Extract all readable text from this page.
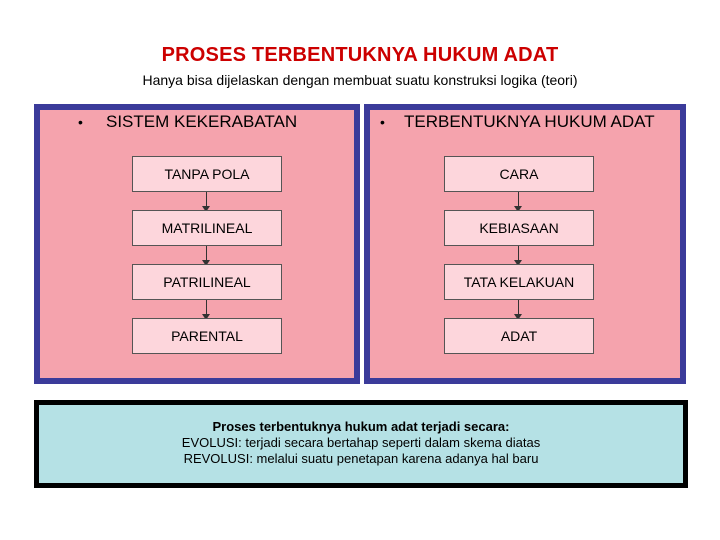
PROSES TERBENTUKNYA HUKUM ADAT
Hanya bisa dijelaskan dengan membuat suatu konstruksi logika (teori)
• SISTEM KEKERABATAN
TANPA POLA
MATRILINEAL
PATRILINEAL
PARENTAL
• TERBENTUKNYA HUKUM ADAT
CARA
KEBIASAAN
TATA KELAKUAN
ADAT
Proses terbentuknya hukum adat terjadi secara:
EVOLUSI: terjadi secara bertahap seperti dalam skema diatas
REVOLUSI: melalui suatu penetapan karena adanya hal baru
